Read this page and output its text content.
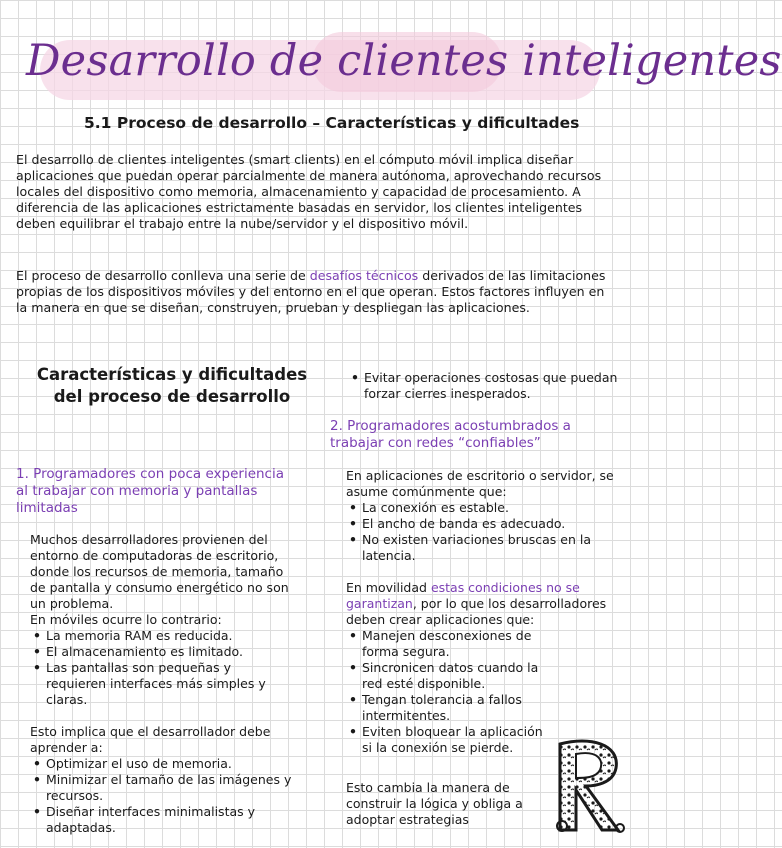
Desarrollo de clientes inteligentes
5.1 Proceso de desarrollo – Características y dificultades
El desarrollo de clientes inteligentes (smart clients) en el cómputo móvil implica diseñar aplicaciones que puedan operar parcialmente de manera autónoma, aprovechando recursos locales del dispositivo como memoria, almacenamiento y capacidad de procesamiento. A diferencia de las aplicaciones estrictamente basadas en servidor, los clientes inteligentes deben equilibrar el trabajo entre la nube/servidor y el dispositivo móvil.
El proceso de desarrollo conlleva una serie de desafíos técnicos derivados de las limitaciones propias de los dispositivos móviles y del entorno en el que operan. Estos factores influyen en la manera en que se diseñan, construyen, prueban y despliegan las aplicaciones.
Características y dificultades del proceso de desarrollo
1. Programadores con poca experiencia al trabajar con memoria y pantallas limitadas
Muchos desarrolladores provienen del entorno de computadoras de escritorio, donde los recursos de memoria, tamaño de pantalla y consumo energético no son un problema.
En móviles ocurre lo contrario:
• La memoria RAM es reducida.
• El almacenamiento es limitado.
• Las pantallas son pequeñas y requieren interfaces más simples y claras.
Esto implica que el desarrollador debe aprender a:
• Optimizar el uso de memoria.
• Minimizar el tamaño de las imágenes y recursos.
• Diseñar interfaces minimalistas y adaptadas.
• Evitar operaciones costosas que puedan forzar cierres inesperados.
2. Programadores acostumbrados a trabajar con redes “confiables”
En aplicaciones de escritorio o servidor, se asume comúnmente que:
• La conexión es estable.
• El ancho de banda es adecuado.
• No existen variaciones bruscas en la latencia.
En movilidad estas condiciones no se garantizan, por lo que los desarrolladores deben crear aplicaciones que:
• Manejen desconexiones de forma segura.
• Sincronicen datos cuando la red esté disponible.
• Tengan tolerancia a fallos intermitentes.
• Eviten bloquear la aplicación si la conexión se pierde.
Esto cambia la manera de construir la lógica y obliga a adoptar estrategias
